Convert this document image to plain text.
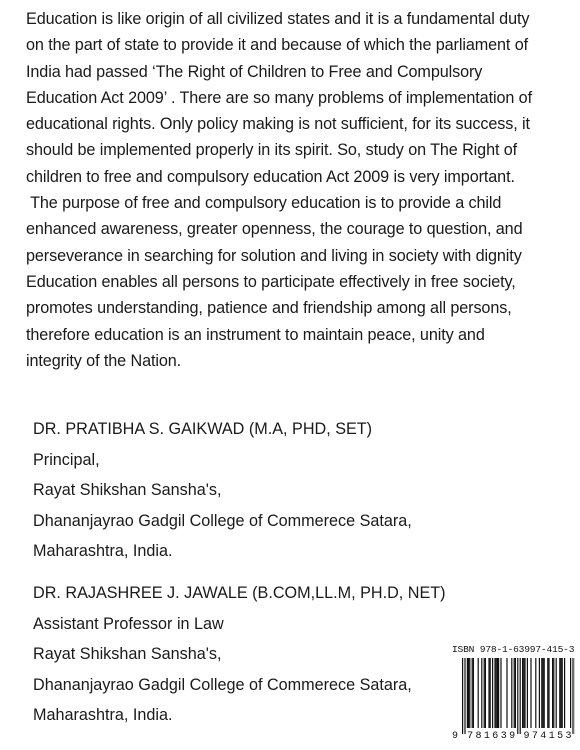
Education is like origin of all civilized states and it is a fundamental duty
on the part of state to provide it and because of which the parliament of
India had passed ‘The Right of Children to Free and Compulsory
Education Act 2009’ . There are so many problems of implementation of
educational rights. Only policy making is not sufficient, for its success, it
should be implemented properly in its spirit. So, study on The Right of
children to free and compulsory education Act 2009 is very important.
The purpose of free and compulsory education is to provide a child
enhanced awareness, greater openness, the courage to question, and
perseverance in searching for solution and living in society with dignity
Education enables all persons to participate effectively in free society,
promotes understanding, patience and friendship among all persons,
therefore education is an instrument to maintain peace, unity and
integrity of the Nation.
DR. PRATIBHA S. GAIKWAD (M.A, PHD, SET)
Principal,
Rayat Shikshan Sansha's,
Dhananjayrao Gadgil College of Commerece Satara,
Maharashtra, India.
DR. RAJASHREE J. JAWALE (B.COM,LL.M, PH.D, NET)
Assistant Professor in Law
Rayat Shikshan Sansha's,
Dhananjayrao Gadgil College of Commerece Satara,
Maharashtra, India.
ISBN 978-1-63997-415-3
9 7 8 1 6 3 9 9 7 4 1 5 3
